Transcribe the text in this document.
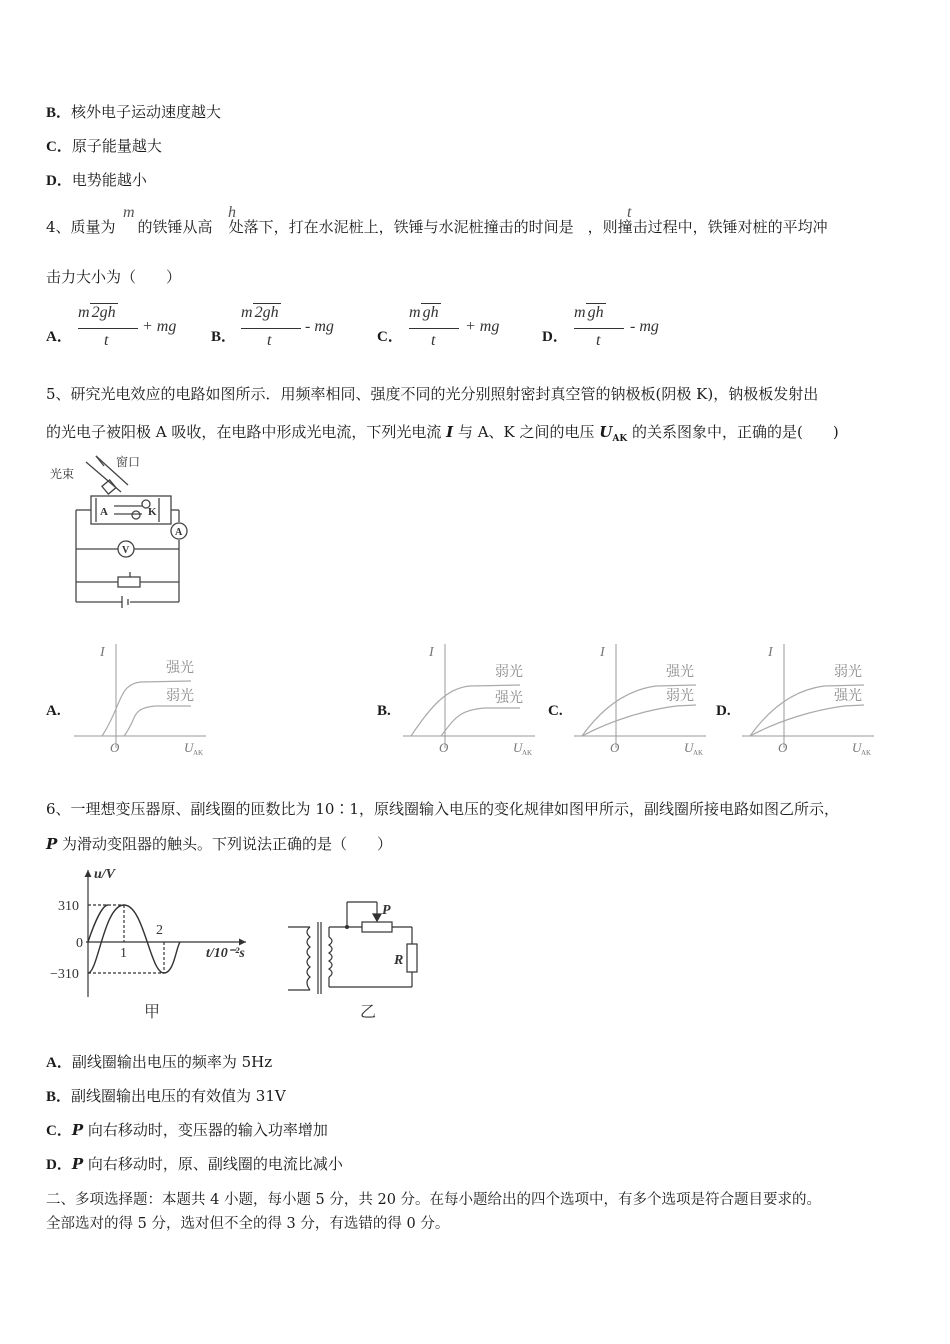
B．核外电子运动速度越大
C．原子能量越大
D．电势能越小
4、质量为 的铁锤从高 处落下，打在水泥桩上，铁锤与水泥桩撞击的时间是 ，则撞击过程中，铁锤对桩的平均冲
m	h	t
击力大小为（　　）
A．
m 2gh
t
+ mg
B．
m 2gh
t
- mg
C．
m gh
t
+ mg
D．
m gh
t
- mg
5、研究光电效应的电路如图所示．用频率相同、强度不同的光分别照射密封真空管的钠极板(阴极 K)，钠极板发射出
的光电子被阳极 A 吸收，在电路中形成光电流，下列光电流 I 与 A、K 之间的电压 $U_{AK}$ 的关系图象中，正确的是(　　)
光束
窗口
A	K
A
V
A.
强光
弱光
I
O	U AK
B.
弱光
强光
I
O	U AK
C.
强光
弱光
I
O	U AK
D.
弱光
强光
I
O	U AK
6、一理想变压器原、副线圈的匝数比为 10∶1，原线圈输入电压的变化规律如图甲所示，副线圈所接电路如图乙所示，
P 为滑动变阻器的触头。下列说法正确的是（　　）
u/V
310
0
−310
1
2
t/10⁻²s
甲
P
R
乙
A．副线圈输出电压的频率为 5Hz
B．副线圈输出电压的有效值为 31V
C．P 向右移动时，变压器的输入功率增加
D．P 向右移动时，原、副线圈的电流比减小
二、多项选择题：本题共 4 小题，每小题 5 分，共 20 分。在每小题给出的四个选项中，有多个选项是符合题目要求的。
全部选对的得 5 分，选对但不全的得 3 分，有选错的得 0 分。
